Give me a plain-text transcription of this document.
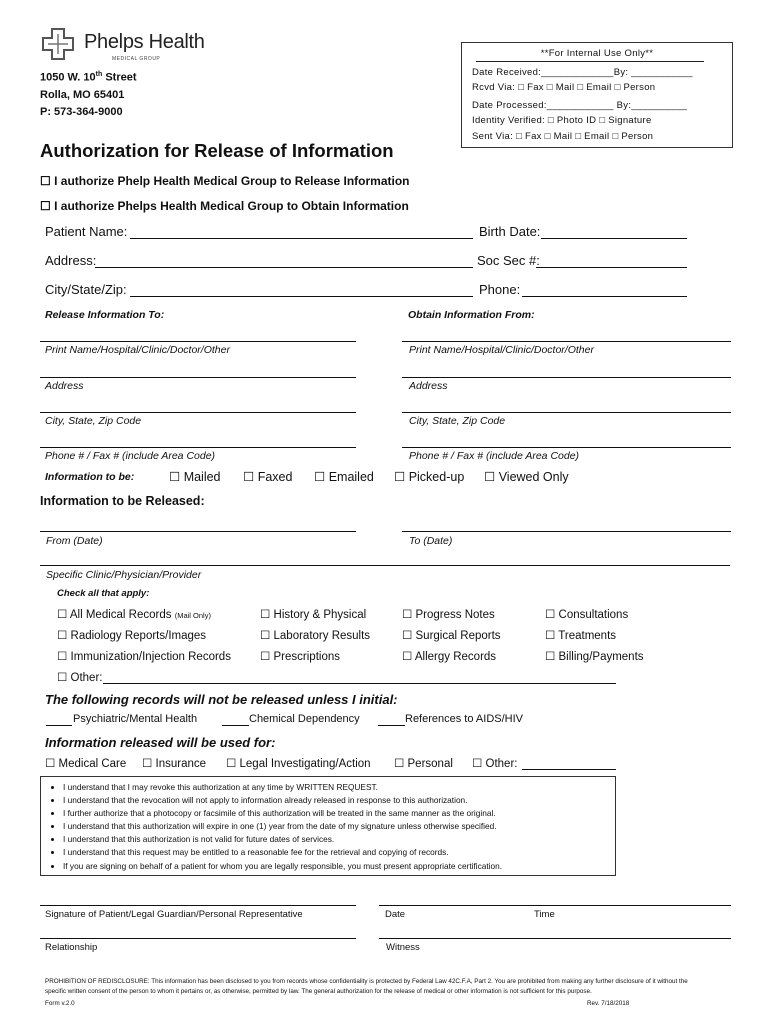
Phelps Health
MEDICAL GROUP
1050 W. 10th Street
Rolla, MO 65401
P: 573-364-9000
**For Internal Use Only**
Date Received:_____________By: ___________
Rcvd Via: □ Fax □ Mail □ Email □ Person
Date Processed:____________ By:__________
Identity Verified: □ Photo ID □ Signature
Sent Via: □ Fax □ Mail □ Email □ Person
Authorization for Release of Information
☐ I authorize Phelp Health Medical Group to Release Information
☐ I authorize Phelps Health Medical Group to Obtain Information
Patient Name:	Birth Date:
Address:	Soc Sec #:
City/State/Zip:	Phone:
Release Information To:	Obtain Information From:
Print Name/Hospital/Clinic/Doctor/Other	Print Name/Hospital/Clinic/Doctor/Other
Address	Address
City, State, Zip Code	City, State, Zip Code
Phone # / Fax # (include Area Code)	Phone # / Fax # (include Area Code)
Information to be:	☐ Mailed ☐ Faxed ☐ Emailed ☐ Picked-up ☐ Viewed Only
Information to be Released:
From (Date)	To (Date)
Specific Clinic/Physician/Provider
Check all that apply:
☐ All Medical Records (Mail Only)	☐ History & Physical	☐ Progress Notes	☐ Consultations
☐ Radiology Reports/Images	☐ Laboratory Results	☐ Surgical Reports	☐ Treatments
☐ Immunization/Injection Records	☐ Prescriptions	☐ Allergy Records	☐ Billing/Payments
☐ Other:
The following records will not be released unless I initial:
Psychiatric/Mental Health	Chemical Dependency	References to AIDS/HIV
Information released will be used for:
☐ Medical Care ☐ Insurance ☐ Legal Investigating/Action ☐ Personal ☐ Other:
• I understand that I may revoke this authorization at any time by WRITTEN REQUEST.
• I understand that the revocation will not apply to information already released in response to this authorization.
• I further authorize that a photocopy or facsimile of this authorization will be treated in the same manner as the original.
• I understand that this authorization will expire in one (1) year from the date of my signature unless otherwise specified.
• I understand that this authorization is not valid for future dates of services.
• I understand that this request may be entitled to a reasonable fee for the retrieval and copying of records.
• If you are signing on behalf of a patient for whom you are legally responsible, you must present appropriate certification.
Signature of Patient/Legal Guardian/Personal Representative	Date	Time
Relationship	Witness
PROHIBITION OF REDISCLOSURE: This information has been disclosed to you from records whose confidentiality is protected by Federal Law 42C.F.A, Part 2. You are prohibited from making any further disclosure of it without the specific written consent of the person to whom it pertains or, as otherwise, permitted by law. The general authorization for the release of medical or other information is not sufficient for this purpose.
Form v.2.0	Rev. 7/18/2018
